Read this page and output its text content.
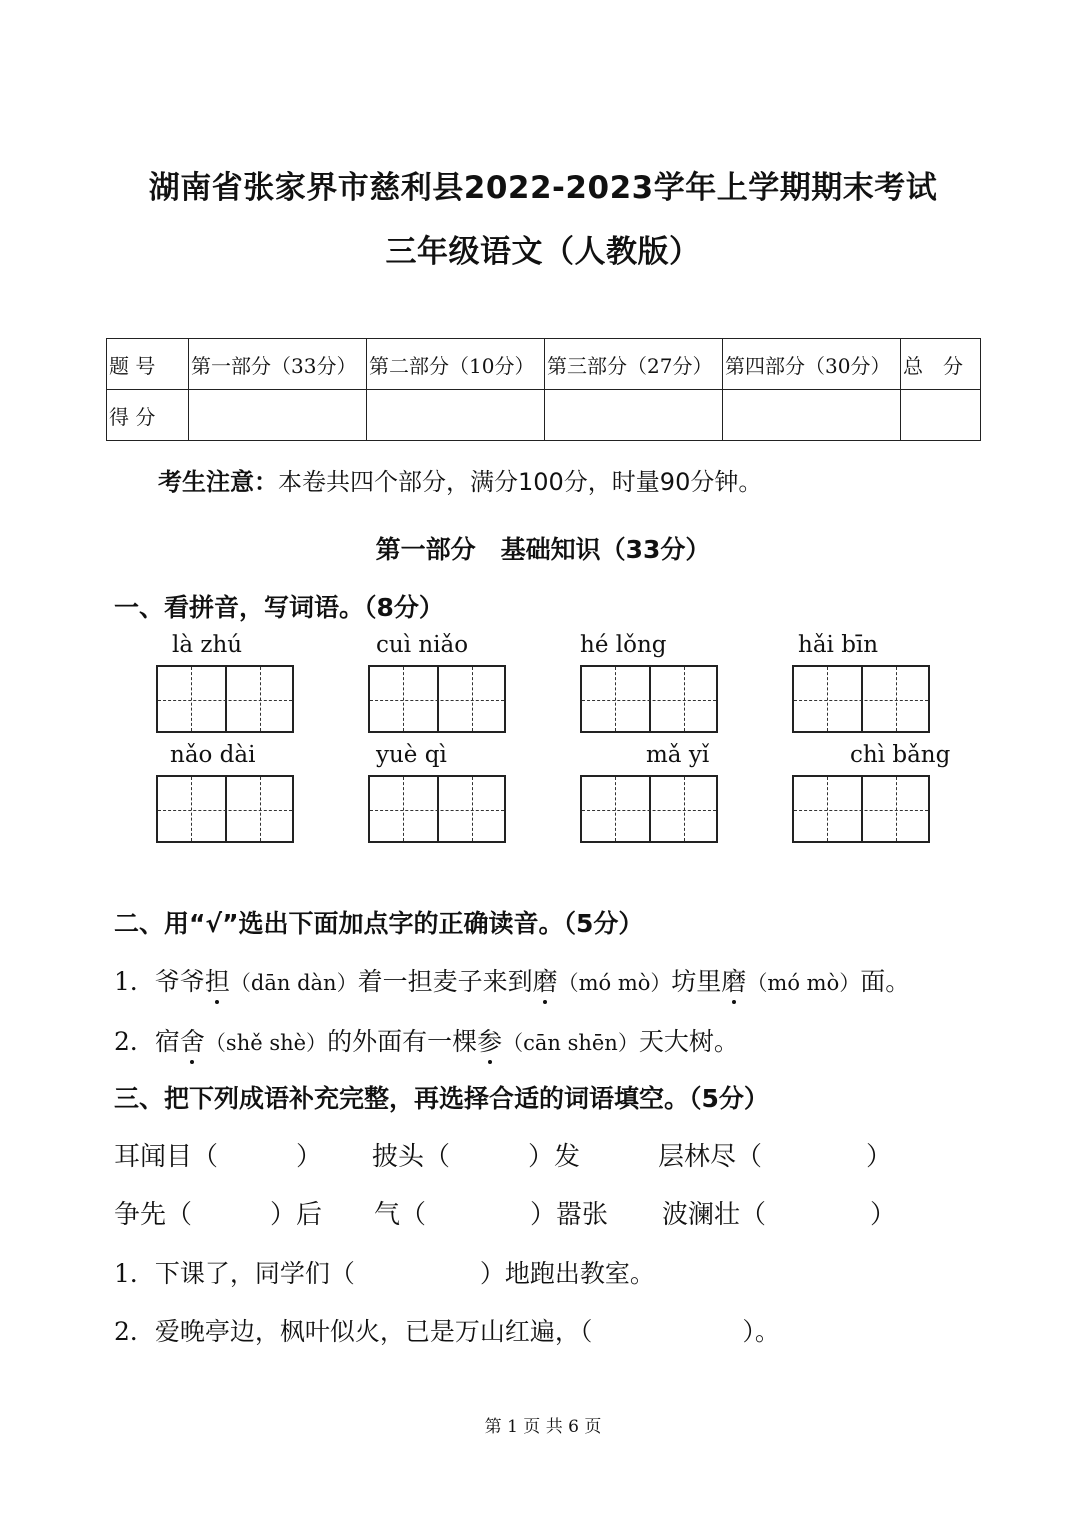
湖南省张家界市慈利县2022-2023学年上学期期末考试
三年级语文（人教版）
题 号	第一部分（33分）	第二部分（10分）	第三部分（27分）	第四部分（30分）	总　分
得 分					
考生注意：本卷共四个部分，满分100分，时量90分钟。
第一部分　基础知识（33分）
一、看拼音，写词语。（8分）
là zhú	cuì niǎo	hé lǒng	hǎi bīn
nǎo dài	yuè qì	mǎ yǐ	chì bǎng
二、用“√”选出下面加点字的正确读音。（5分）
1．爷爷担（dān dàn）着一担麦子来到磨（mó mò）坊里磨（mó mò）面。
2．宿舍（shě shè）的外面有一棵参（cān shēn）天大树。
三、把下列成语补充完整，再选择合适的词语填空。（5分）
耳闻目（　　　） 披头（　　　）发	层林尽（　　　　）
争先（　　　）后 气（　　　　）嚣张 波澜壮（　　　　）
1．下课了，同学们（　　　　　）地跑出教室。
2．爱晚亭边，枫叶似火，已是万山红遍，（　　　　　　）。
第 1 页 共 6 页
